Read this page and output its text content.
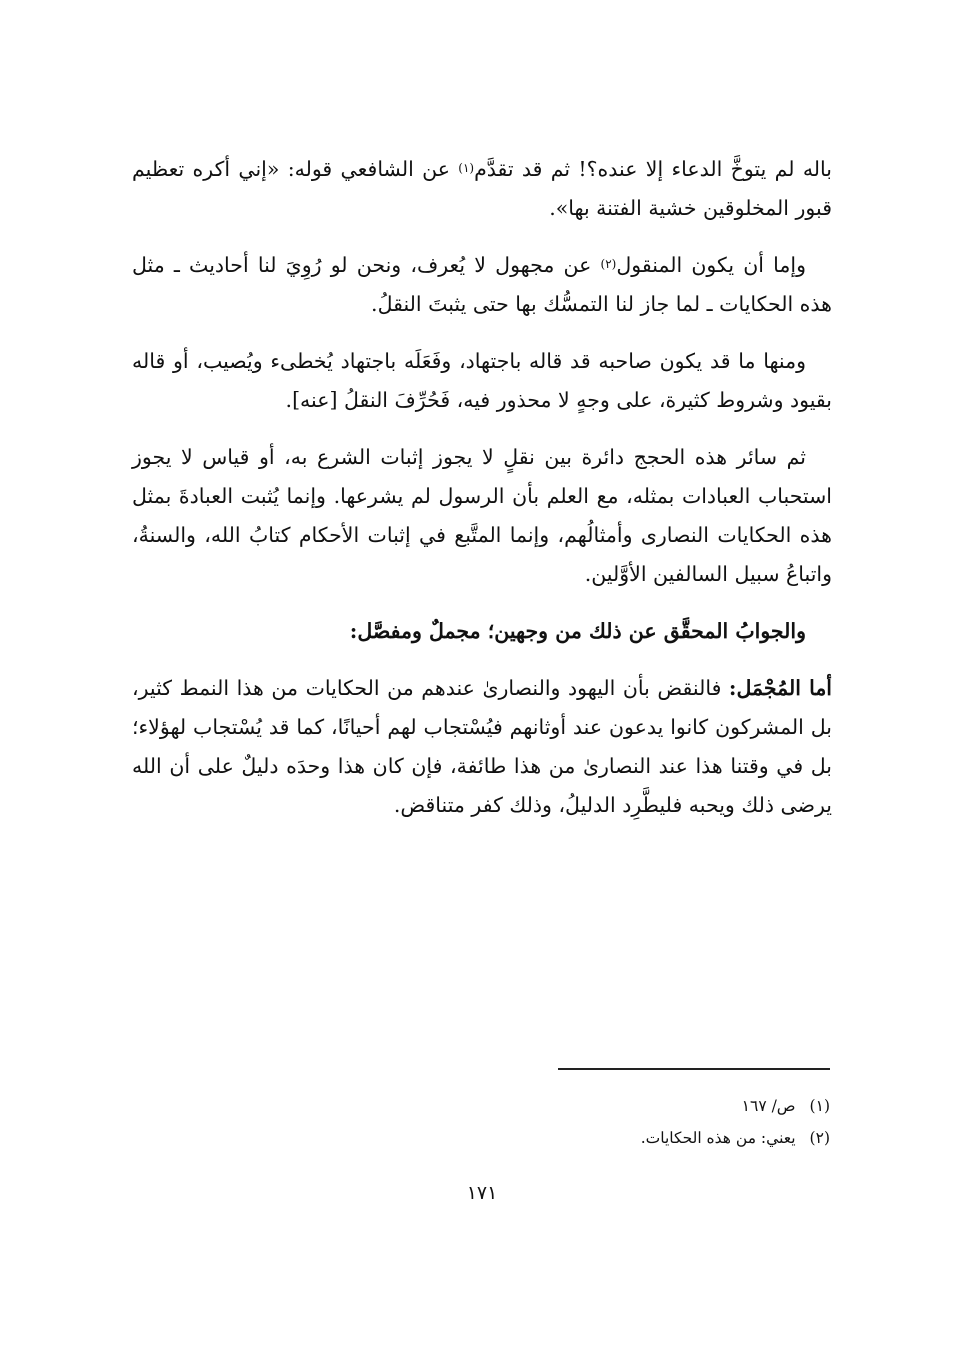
باله لم يتوخَّ الدعاء إلا عنده؟! ثم قد تقدَّم$^{(١)}$ عن الشافعي قوله: «إني أكره تعظيم قبور المخلوقين خشية الفتنة بها».

وإما أن يكون المنقول$^{(٢)}$ عن مجهول لا يُعرف، ونحن لو رُوِيَ لنا أحاديث ـ مثل هذه الحكايات ـ لما جاز لنا التمسُّك بها حتى يثبتَ النقلُ.

ومنها ما قد يكون صاحبه قد قاله باجتهاد، وفَعَلَه باجتهاد يُخطىء ويُصيب، أو قاله بقيود وشروط كثيرة، على وجهٍ لا محذور فيه، فَحُرِّفَ النقلُ [عنه].

ثم سائر هذه الحجج دائرة بين نقلٍ لا يجوز إثبات الشرع به، أو قياس لا يجوز استحباب العبادات بمثله، مع العلم بأن الرسول لم يشرعها. وإنما يُثبت العبادةَ بمثل هذه الحكايات النصارى وأمثالُهم، وإنما المتَّبع في إثبات الأحكام كتابُ الله، والسنةُ، واتباعُ سبيل السالفين الأوَّلين.

والجوابُ المحقَّق عن ذلك من وجهين؛ مجملٌ ومفصَّل:

أما المُجْمَل: فالنقض بأن اليهود والنصارىٰ عندهم من الحكايات من هذا النمط كثير، بل المشركون كانوا يدعون عند أوثانهم فيُسْتجاب لهم أحيانًا، كما قد يُسْتجاب لهؤلاء؛ بل في وقتنا هذا عند النصارىٰ من هذا طائفة، فإن كان هذا وحدَه دليلٌ على أن الله يرضى ذلك ويحبه فليطَّرِد الدليلُ، وذلك كفر متناقض.

(١)ص/ ١٦٧
(٢)يعني: من هذه الحكايات.
١٧١
